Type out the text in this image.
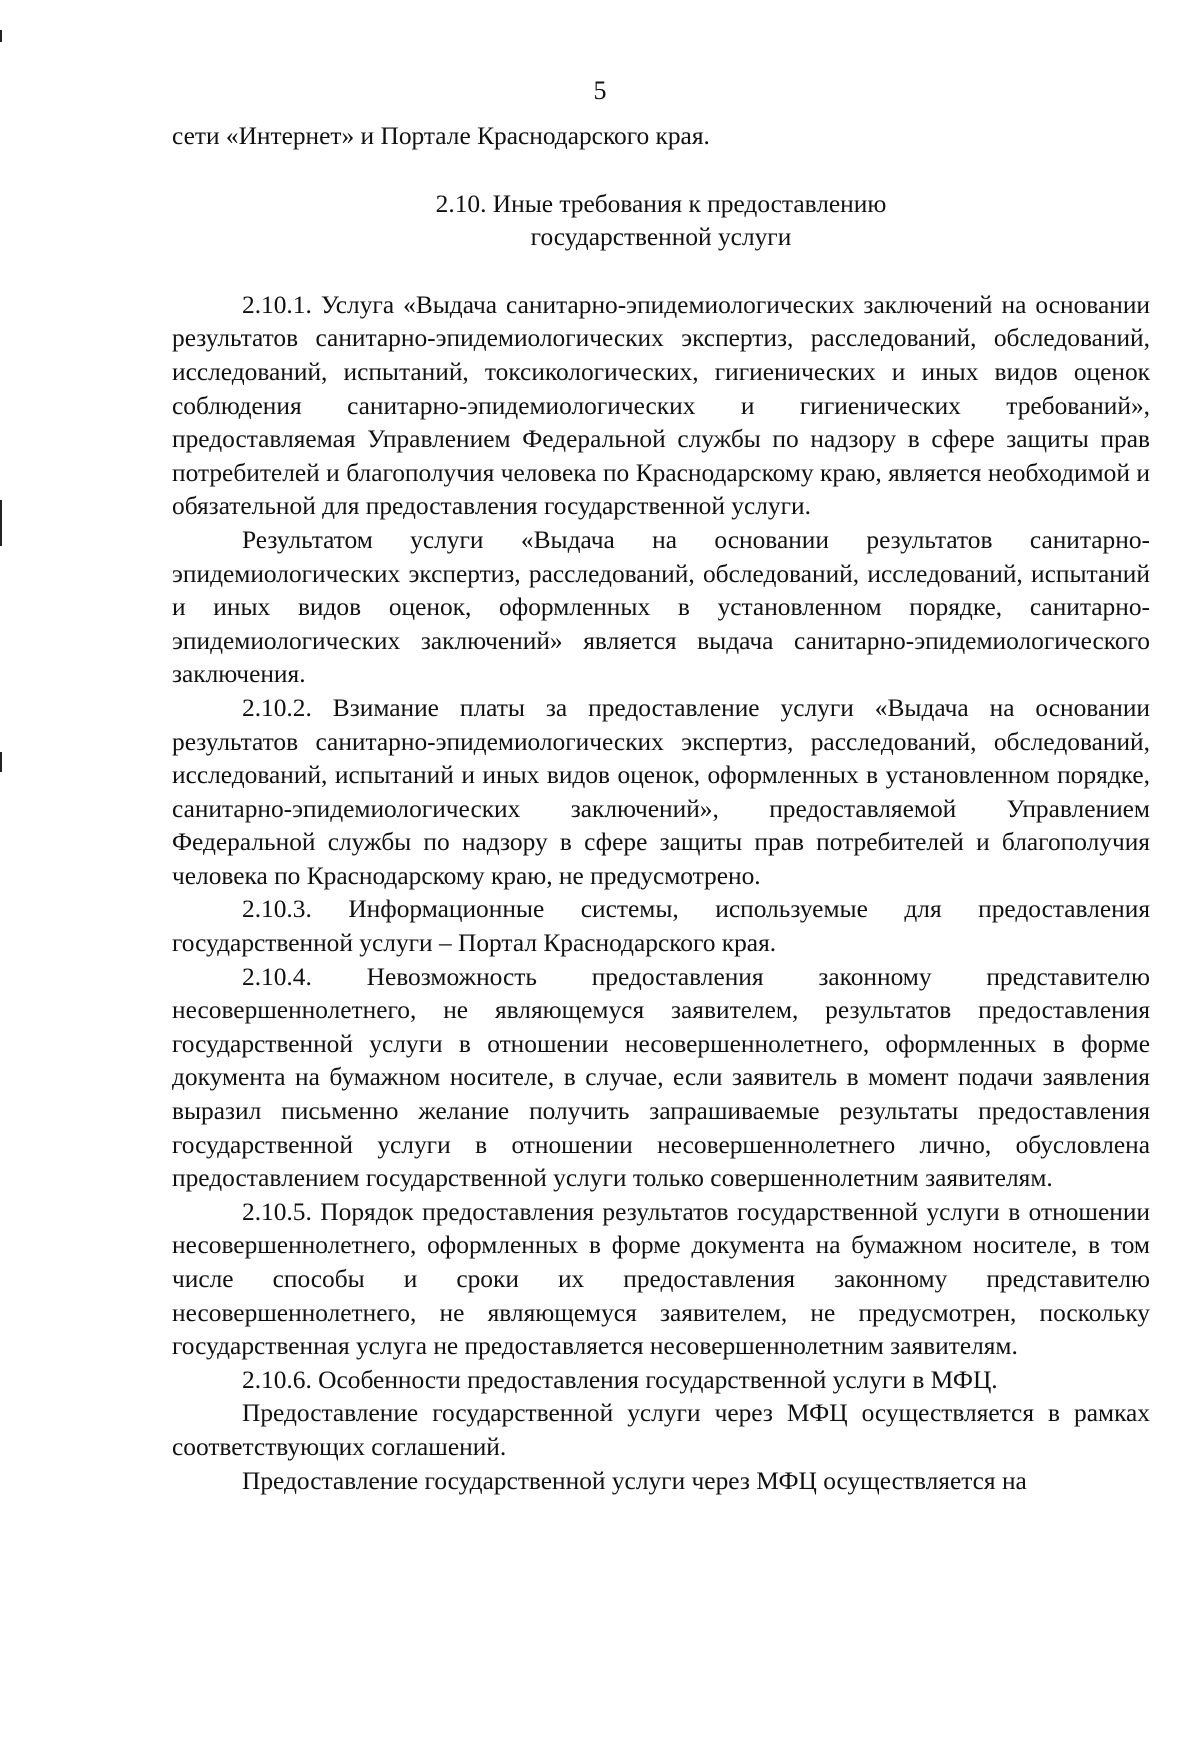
5

сети «Интернет» и Портале Краснодарского края.

2.10. Иные требования к предоставлению
государственной услуги

2.10.1. Услуга «Выдача санитарно-эпидемиологических заключений на основании результатов санитарно-эпидемиологических экспертиз, расследований, обследований, исследований, испытаний, токсикологических, гигиенических и иных видов оценок соблюдения санитарно-эпидемиологических и гигиенических требований», предоставляемая Управлением Федеральной службы по надзору в сфере защиты прав потребителей и благополучия человека по Краснодарскому краю, является необходимой и обязательной для предоставления государственной услуги.

Результатом услуги «Выдача на основании результатов санитарно-эпидемиологических экспертиз, расследований, обследований, исследований, испытаний и иных видов оценок, оформленных в установленном порядке, санитарно-эпидемиологических заключений» является выдача санитарно-эпидемиологического заключения.

2.10.2. Взимание платы за предоставление услуги «Выдача на основании результатов санитарно-эпидемиологических экспертиз, расследований, обследований, исследований, испытаний и иных видов оценок, оформленных в установленном порядке, санитарно-эпидемиологических заключений», предоставляемой Управлением Федеральной службы по надзору в сфере защиты прав потребителей и благополучия человека по Краснодарскому краю, не предусмотрено.

2.10.3. Информационные системы, используемые для предоставления государственной услуги – Портал Краснодарского края.

2.10.4. Невозможность предоставления законному представителю несовершеннолетнего, не являющемуся заявителем, результатов предоставления государственной услуги в отношении несовершеннолетнего, оформленных в форме документа на бумажном носителе, в случае, если заявитель в момент подачи заявления выразил письменно желание получить запрашиваемые результаты предоставления государственной услуги в отношении несовершеннолетнего лично, обусловлена предоставлением государственной услуги только совершеннолетним заявителям.

2.10.5. Порядок предоставления результатов государственной услуги в отношении несовершеннолетнего, оформленных в форме документа на бумажном носителе, в том числе способы и сроки их предоставления законному представителю несовершеннолетнего, не являющемуся заявителем, не предусмотрен, поскольку государственная услуга не предоставляется несовершеннолетним заявителям.

2.10.6. Особенности предоставления государственной услуги в МФЦ.

Предоставление государственной услуги через МФЦ осуществляется в рамках соответствующих соглашений.

Предоставление государственной услуги через МФЦ осуществляется на
